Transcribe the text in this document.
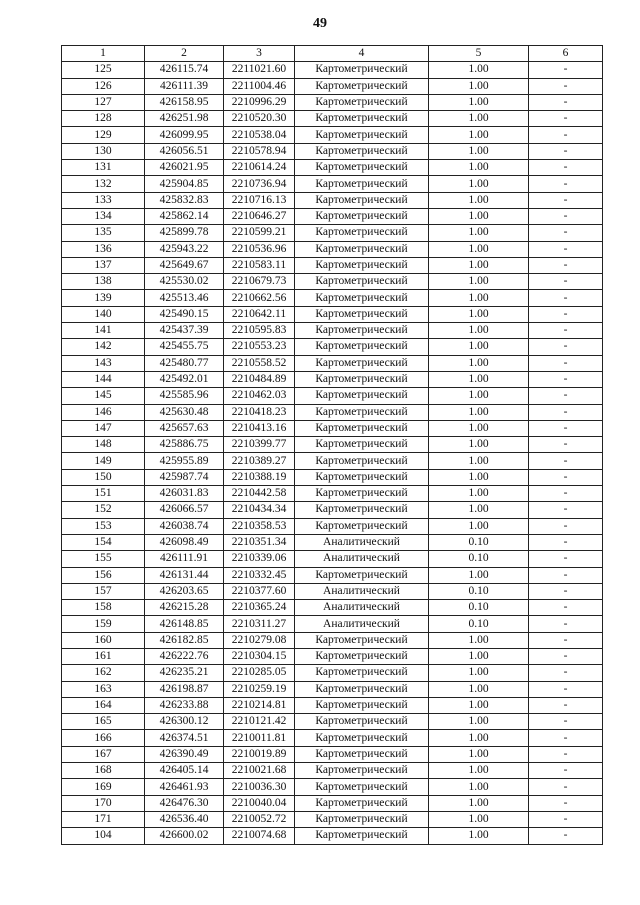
49
1	2	3	4	5	6
125	426115.74	2211021.60	Картометрический	1.00	-
126	426111.39	2211004.46	Картометрический	1.00	-
127	426158.95	2210996.29	Картометрический	1.00	-
128	426251.98	2210520.30	Картометрический	1.00	-
129	426099.95	2210538.04	Картометрический	1.00	-
130	426056.51	2210578.94	Картометрический	1.00	-
131	426021.95	2210614.24	Картометрический	1.00	-
132	425904.85	2210736.94	Картометрический	1.00	-
133	425832.83	2210716.13	Картометрический	1.00	-
134	425862.14	2210646.27	Картометрический	1.00	-
135	425899.78	2210599.21	Картометрический	1.00	-
136	425943.22	2210536.96	Картометрический	1.00	-
137	425649.67	2210583.11	Картометрический	1.00	-
138	425530.02	2210679.73	Картометрический	1.00	-
139	425513.46	2210662.56	Картометрический	1.00	-
140	425490.15	2210642.11	Картометрический	1.00	-
141	425437.39	2210595.83	Картометрический	1.00	-
142	425455.75	2210553.23	Картометрический	1.00	-
143	425480.77	2210558.52	Картометрический	1.00	-
144	425492.01	2210484.89	Картометрический	1.00	-
145	425585.96	2210462.03	Картометрический	1.00	-
146	425630.48	2210418.23	Картометрический	1.00	-
147	425657.63	2210413.16	Картометрический	1.00	-
148	425886.75	2210399.77	Картометрический	1.00	-
149	425955.89	2210389.27	Картометрический	1.00	-
150	425987.74	2210388.19	Картометрический	1.00	-
151	426031.83	2210442.58	Картометрический	1.00	-
152	426066.57	2210434.34	Картометрический	1.00	-
153	426038.74	2210358.53	Картометрический	1.00	-
154	426098.49	2210351.34	Аналитический	0.10	-
155	426111.91	2210339.06	Аналитический	0.10	-
156	426131.44	2210332.45	Картометрический	1.00	-
157	426203.65	2210377.60	Аналитический	0.10	-
158	426215.28	2210365.24	Аналитический	0.10	-
159	426148.85	2210311.27	Аналитический	0.10	-
160	426182.85	2210279.08	Картометрический	1.00	-
161	426222.76	2210304.15	Картометрический	1.00	-
162	426235.21	2210285.05	Картометрический	1.00	-
163	426198.87	2210259.19	Картометрический	1.00	-
164	426233.88	2210214.81	Картометрический	1.00	-
165	426300.12	2210121.42	Картометрический	1.00	-
166	426374.51	2210011.81	Картометрический	1.00	-
167	426390.49	2210019.89	Картометрический	1.00	-
168	426405.14	2210021.68	Картометрический	1.00	-
169	426461.93	2210036.30	Картометрический	1.00	-
170	426476.30	2210040.04	Картометрический	1.00	-
171	426536.40	2210052.72	Картометрический	1.00	-
104	426600.02	2210074.68	Картометрический	1.00	-
